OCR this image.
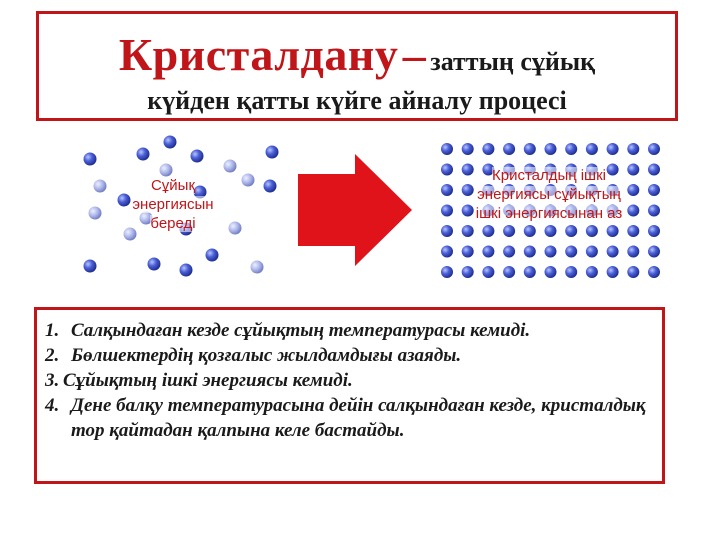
Кристалдану – заттың сұйық
күйден қатты күйге айналу процесі
Сұйық
энергиясын
береді
Кристалдың ішкі
энергиясы сұйықтың
ішкі энергиясынан аз
1. Салқындаған кезде сұйықтың температурасы кемиді.
2. Бөлшектердің қозғалыс жылдамдығы азаяды.
3. Сұйықтың ішкі энергиясы кемиді.
4. Дене балқу температурасына дейін салқындаған кезде, кристалдық тор қайтадан қалпына келе бастайды.
